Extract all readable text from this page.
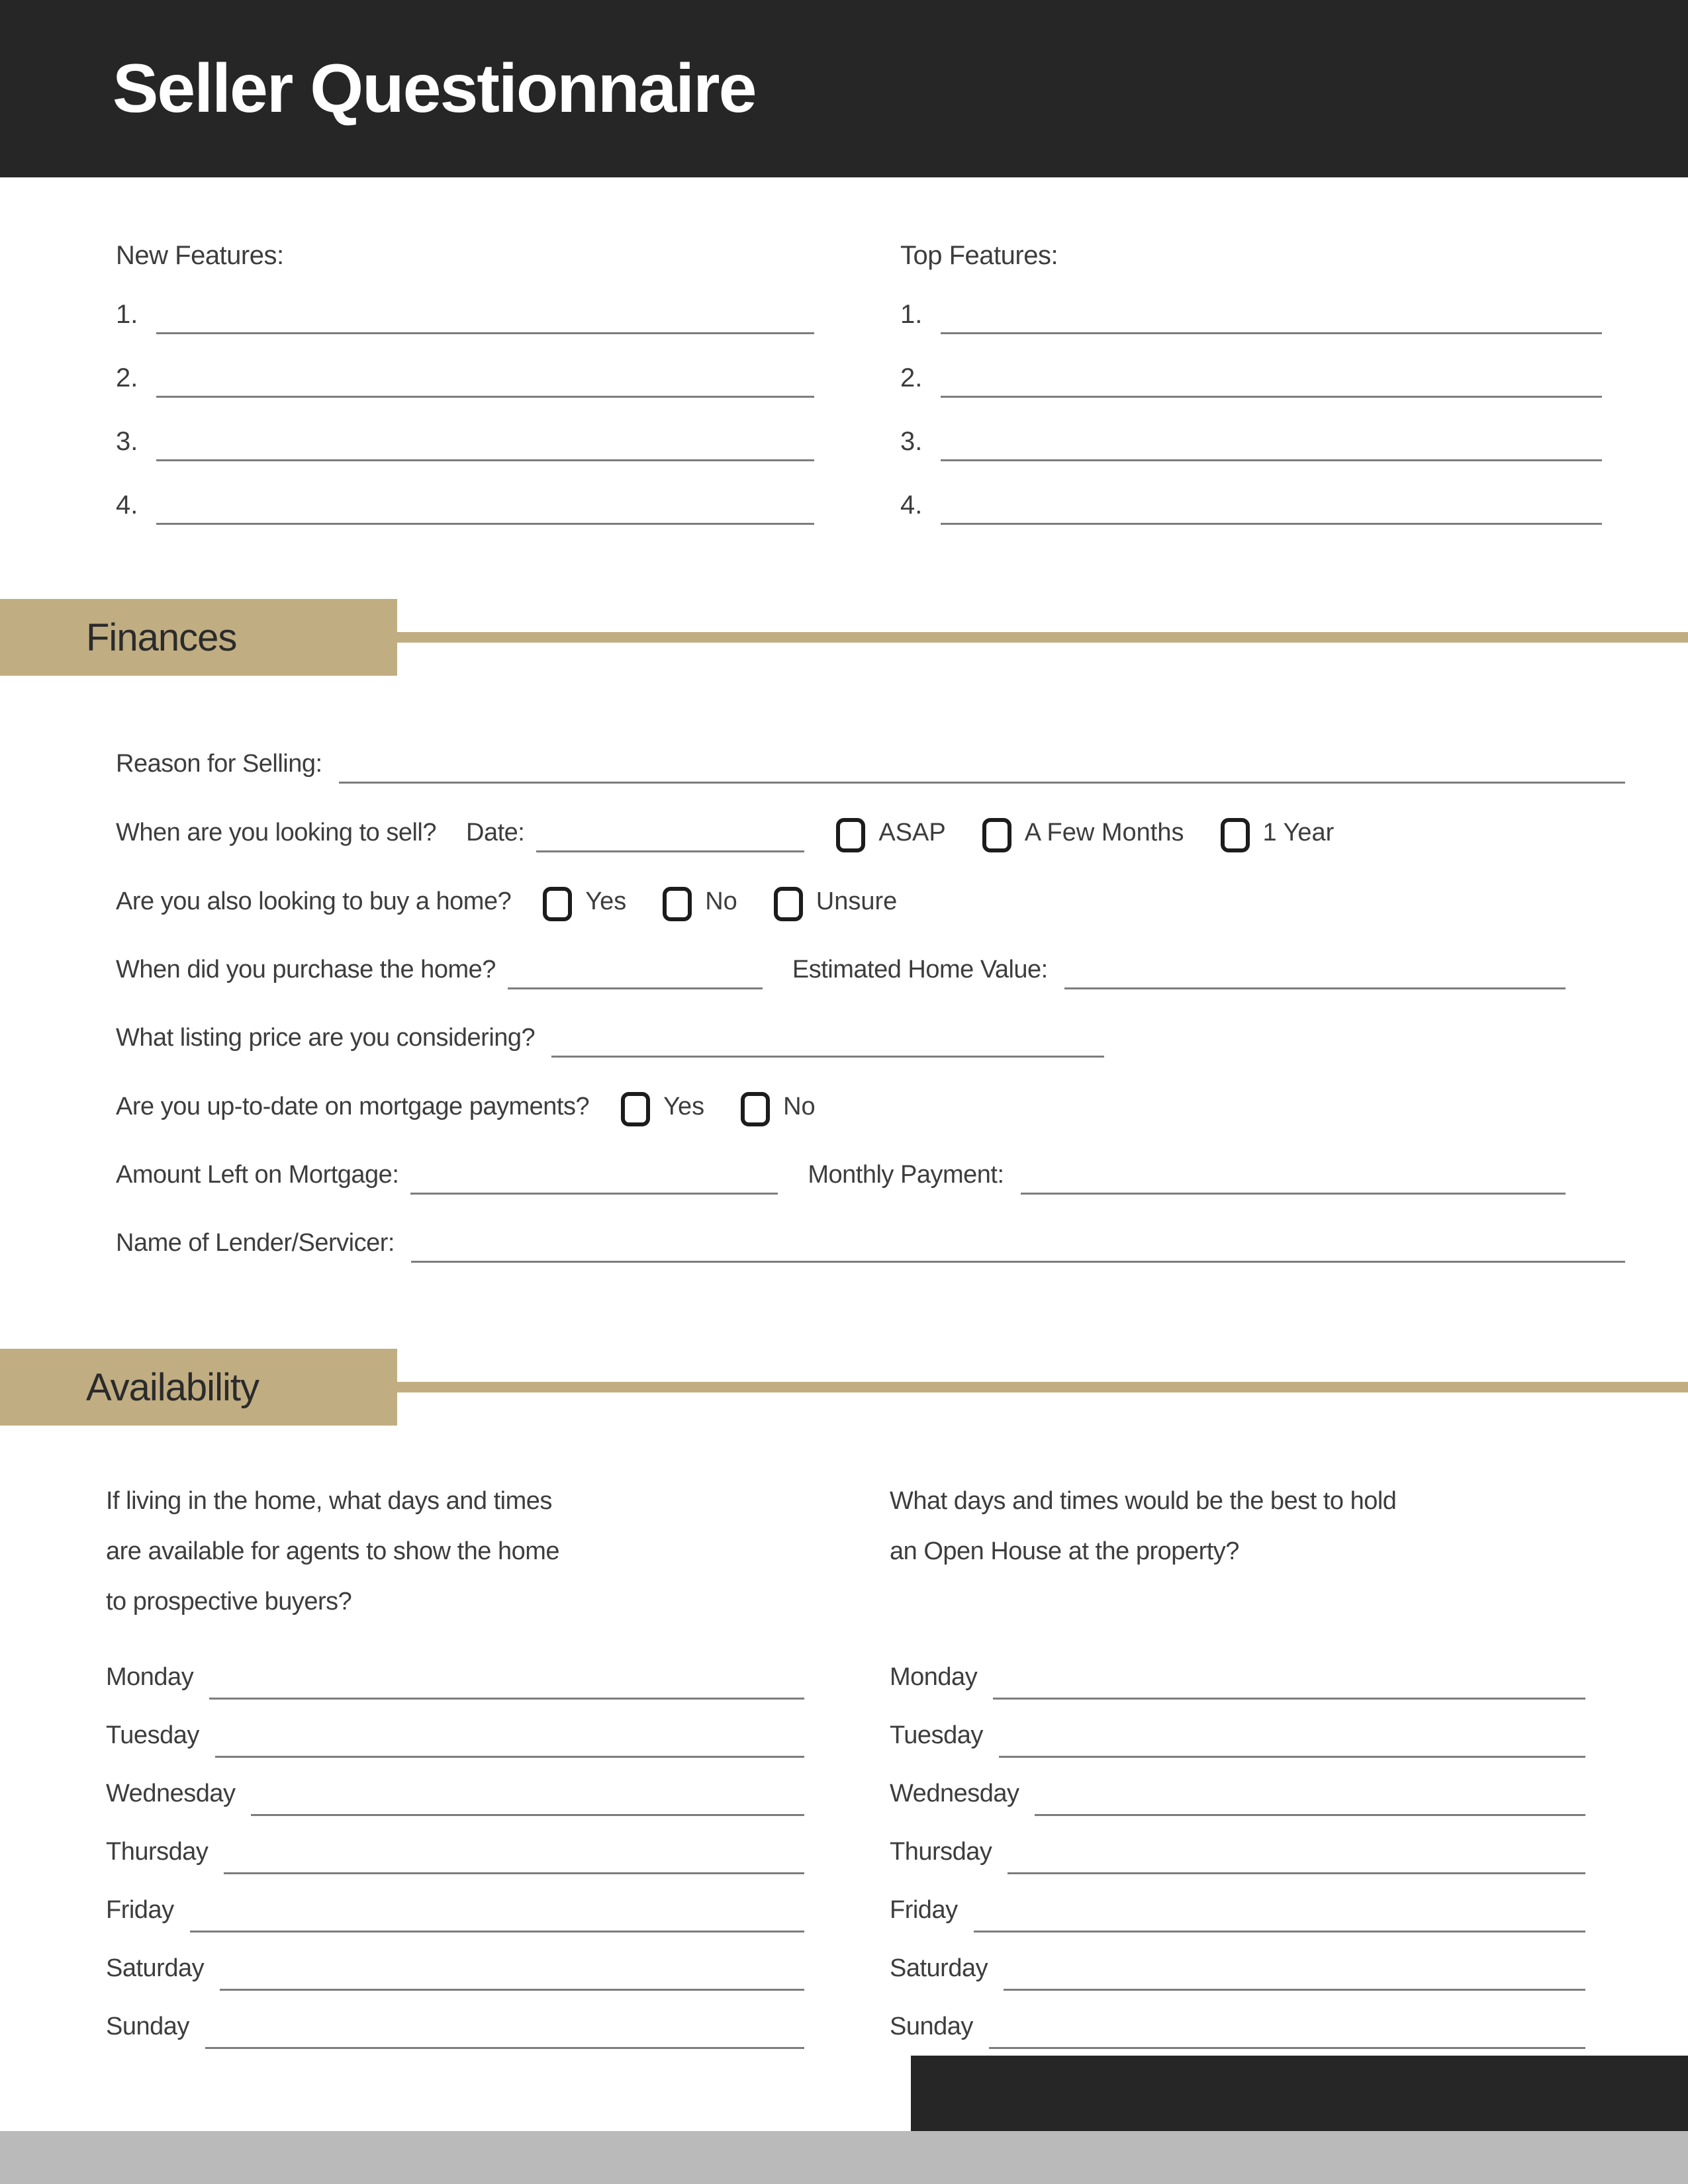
Seller Questionnaire
New Features:
1.
2.
3.
4.
Top Features:
1.
2.
3.
4.
Finances
Reason for Selling:
When are you looking to sell? Date:	ASAP	A Few Months	1 Year
Are you also looking to buy a home?	Yes	No	Unsure
When did you purchase the home?	Estimated Home Value:
What listing price are you considering?
Are you up-to-date on mortgage payments?	Yes	No
Amount Left on Mortgage:	Monthly Payment:
Name of Lender/Servicer:
Availability
If living in the home, what days and times
are available for agents to show the home
to prospective buyers?
Monday
Tuesday
Wednesday
Thursday
Friday
Saturday
Sunday
What days and times would be the best to hold
an Open House at the property?
Monday
Tuesday
Wednesday
Thursday
Friday
Saturday
Sunday
